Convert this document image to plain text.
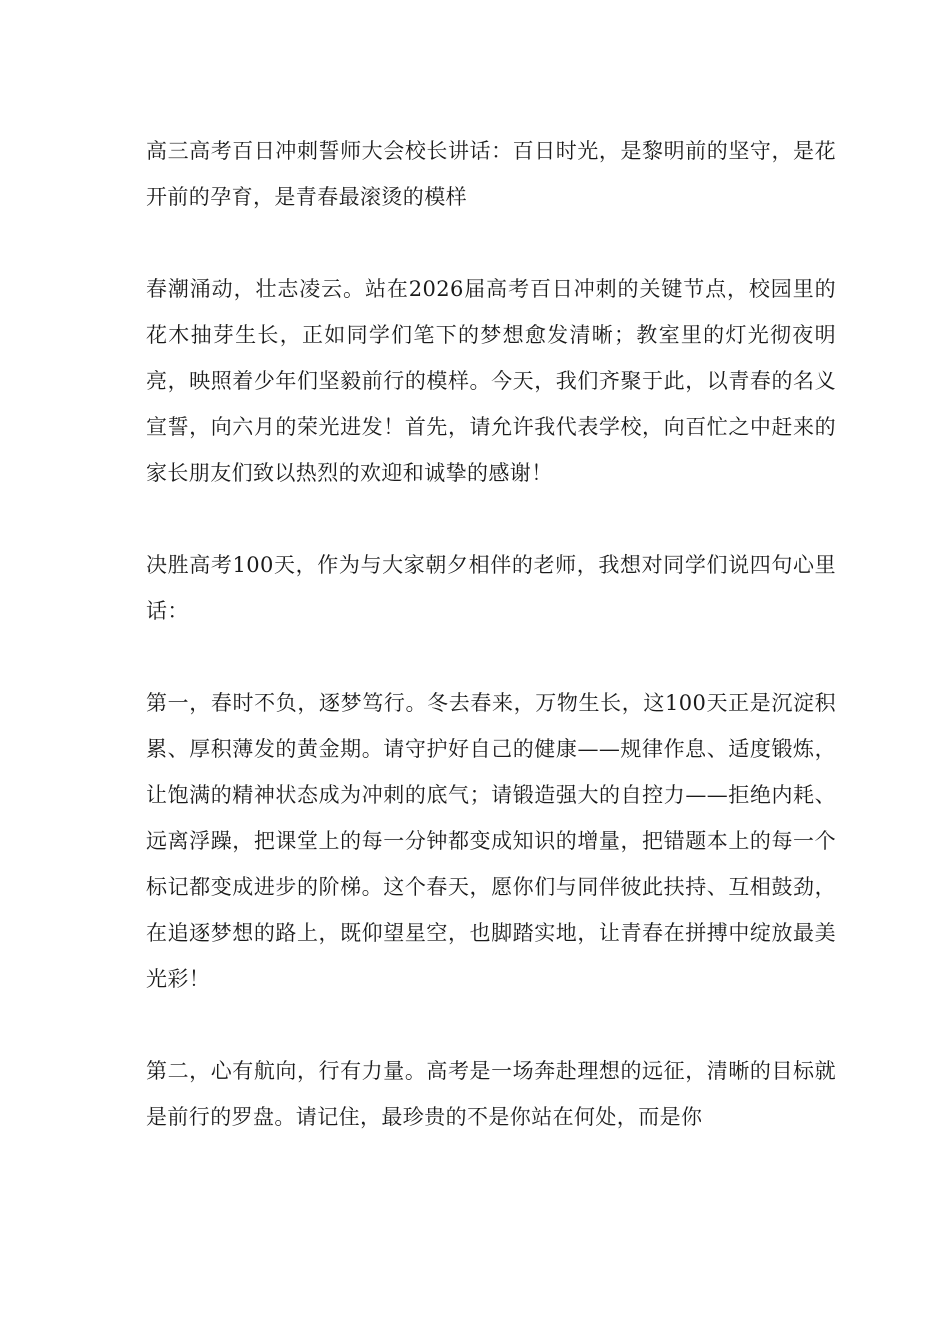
高三高考百日冲刺誓师大会校长讲话：百日时光，是黎明前的坚守，是花开前的孕育，是青春最滚烫的模样

春潮涌动，壮志凌云。站在2026届高考百日冲刺的关键节点，校园里的花木抽芽生长，正如同学们笔下的梦想愈发清晰；教室里的灯光彻夜明亮，映照着少年们坚毅前行的模样。今天，我们齐聚于此，以青春的名义宣誓，向六月的荣光进发！首先，请允许我代表学校，向百忙之中赶来的家长朋友们致以热烈的欢迎和诚挚的感谢！

决胜高考100天，作为与大家朝夕相伴的老师，我想对同学们说四句心里话：

第一，春时不负，逐梦笃行。冬去春来，万物生长，这100天正是沉淀积累、厚积薄发的黄金期。请守护好自己的健康——规律作息、适度锻炼，让饱满的精神状态成为冲刺的底气；请锻造强大的自控力——拒绝内耗、远离浮躁，把课堂上的每一分钟都变成知识的增量，把错题本上的每一个标记都变成进步的阶梯。这个春天，愿你们与同伴彼此扶持、互相鼓劲，在追逐梦想的路上，既仰望星空，也脚踏实地，让青春在拼搏中绽放最美光彩！

第二，心有航向，行有力量。高考是一场奔赴理想的远征，清晰的目标就是前行的罗盘。请记住，最珍贵的不是你站在何处，而是你
